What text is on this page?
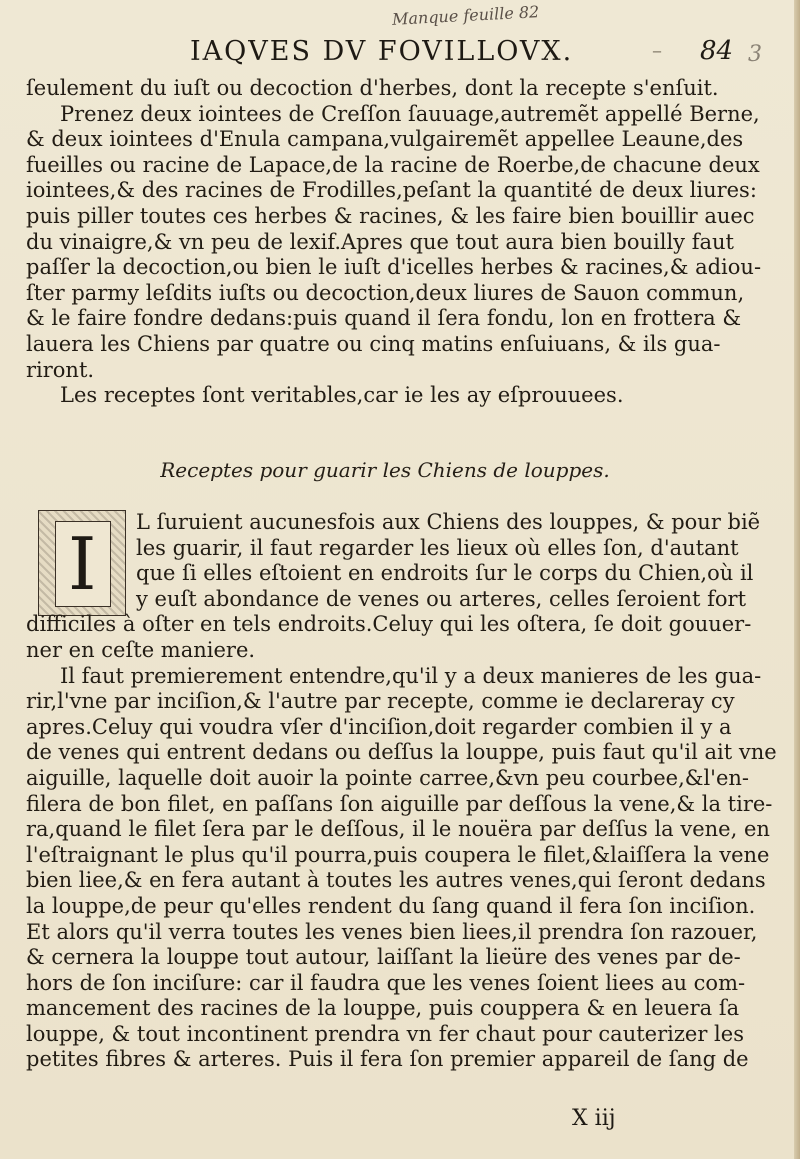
Manque feuille 82
IAQVES DV FOVILLOVX.	– 84 3
ſeulement du iuſt ou decoction d'herbes, dont la recepte s'enſuit.
Prenez deux iointees de Creſſon ſauuage,autremẽt appellé Berne,
& deux iointees d'Enula campana,vulgairemẽt appellee Leaune,des
fueilles ou racine de Lapace,de la racine de Roerbe,de chacune deux
iointees,& des racines de Frodilles,peſant la quantité de deux liures:
puis piller toutes ces herbes & racines, & les faire bien bouillir auec
du vinaigre,& vn peu de lexif.Apres que tout aura bien bouilly faut
paſſer la decoction,ou bien le iuſt d'icelles herbes & racines,& adiou-
ſter parmy leſdits iuſts ou decoction,deux liures de Sauon commun,
& le faire fondre dedans:puis quand il ſera fondu, lon en frottera &
lauera les Chiens par quatre ou cinq matins enſuiuans, & ils gua-
riront.
Les receptes ſont veritables,car ie les ay eſprouuees.
Receptes pour guarir les Chiens de louppes.
I	L ſuruient aucunesfois aux Chiens des louppes, & pour biẽ
les guarir, il faut regarder les lieux où elles ſon, d'autant
que ſi elles eſtoient en endroits ſur le corps du Chien,où il
y euſt abondance de venes ou arteres, celles ſeroient fort
difficiles à oſter en tels endroits.Celuy qui les oſtera, ſe doit gouuer-
ner en ceſte maniere.
Il faut premierement entendre,qu'il y a deux manieres de les gua-
rir,l'vne par inciſion,& l'autre par recepte, comme ie declareray cy
apres.Celuy qui voudra vſer d'inciſion,doit regarder combien il y a
de venes qui entrent dedans ou deſſus la louppe, puis faut qu'il ait vne
aiguille, laquelle doit auoir la pointe carree,&vn peu courbee,&l'en-
filera de bon filet, en paſſans ſon aiguille par deſſous la vene,& la tire-
ra,quand le filet ſera par le deſſous, il le nouëra par deſſus la vene, en
l'eſtraignant le plus qu'il pourra,puis coupera le filet,&laiſſera la vene
bien liee,& en fera autant à toutes les autres venes,qui ſeront dedans
la louppe,de peur qu'elles rendent du ſang quand il fera ſon inciſion.
Et alors qu'il verra toutes les venes bien liees,il prendra ſon razouer,
& cernera la louppe tout autour, laiſſant la lieüre des venes par de-
hors de ſon inciſure: car il faudra que les venes ſoient liees au com-
mancement des racines de la louppe, puis couppera & en leuera ſa
louppe, & tout incontinent prendra vn fer chaut pour cauterizer les
petites fibres & arteres. Puis il fera ſon premier appareil de ſang de
X iij
